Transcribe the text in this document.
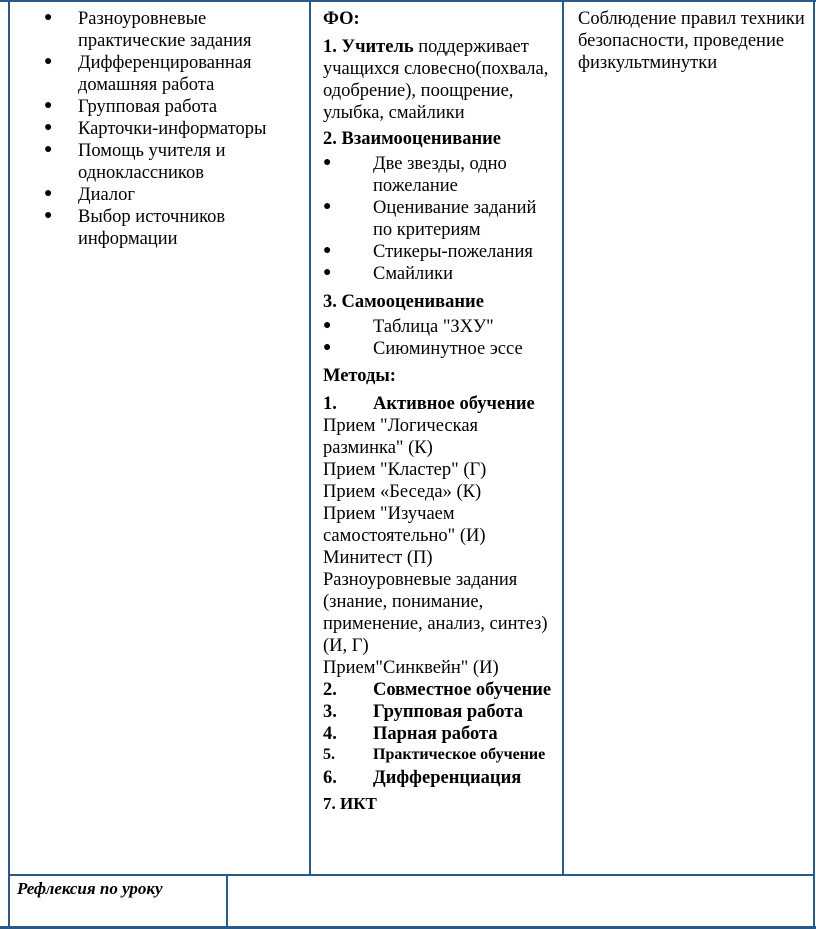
● Разноуровневые практические задания
● Дифференцированная домашняя работа
● Групповая работа
● Карточки-информаторы
● Помощь учителя и одноклассников
● Диалог
● Выбор источников информации

ФО:

1. Учитель поддерживает учащихся словесно(похвала, одобрение), поощрение, улыбка, смайлики

2. Взаимооценивание

● Две звезды, одно пожелание
● Оценивание заданий по критериям
● Стикеры-пожелания
● Смайлики

3. Самооценивание

● Таблица "ЗХУ"
● Сиюминутное эссе

Методы:

1. Активное обучение

Прием "Логическая разминка" (К)

Прием "Кластер" (Г)

Прием «Беседа» (К)

Прием "Изучаем самостоятельно" (И)

Минитест (П)

Разноуровневые задания (знание, понимание, применение, анализ, синтез) (И, Г)

Прием"Синквейн" (И)

2. Совместное обучение

3. Групповая работа

4. Парная работа

5. Практическое обучение

6. Дифференциация

7. ИКТ

Соблюдение правил техники безопасности, проведение физкультминутки

Рефлексия по уроку
